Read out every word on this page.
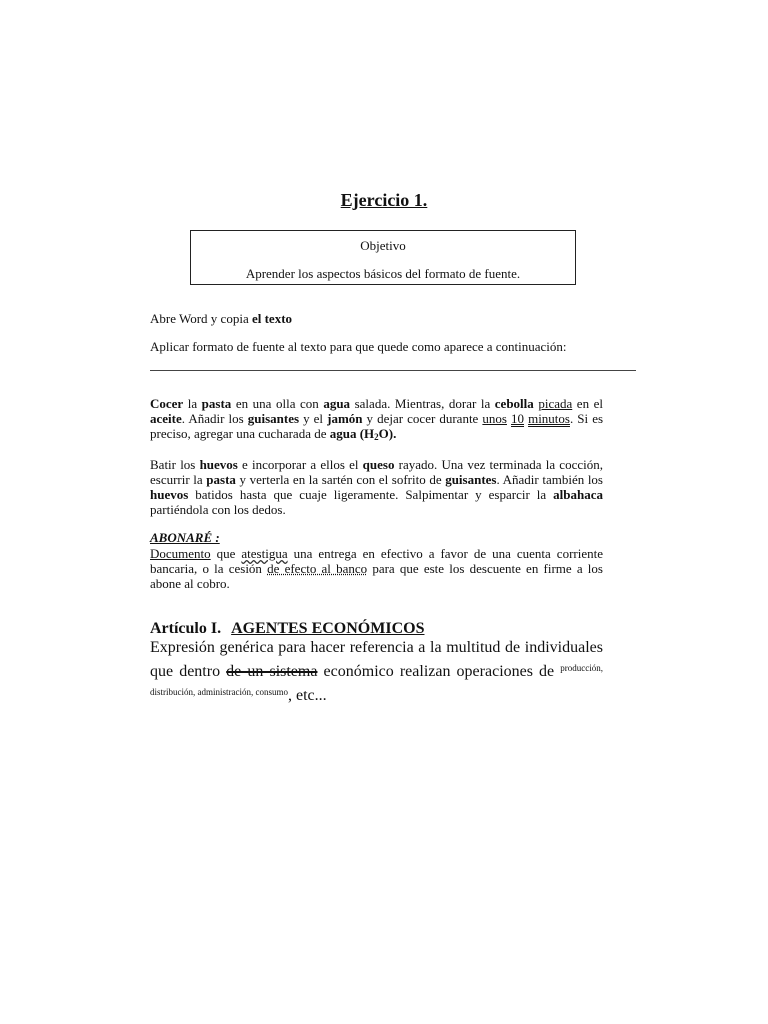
Ejercicio 1.
Objetivo
Aprender los aspectos básicos del formato de fuente.
Abre Word y copia el texto
Aplicar formato de fuente al texto para que quede como aparece a continuación:
Cocer la pasta en una olla con agua salada. Mientras, dorar la cebolla picada en el aceite. Añadir los guisantes y el jamón y dejar cocer durante unos 10 minutos. Si es preciso, agregar una cucharada de agua $(H_2O)$.
Batir los huevos e incorporar a ellos el queso rayado. Una vez terminada la cocción, escurrir la pasta y verterla en la sartén con el sofrito de guisantes. Añadir también los huevos batidos hasta que cuaje ligeramente. Salpimentar y esparcir la albahaca partiéndola con los dedos.
ABONARÉ :
Documento que atestigua una entrega en efectivo a favor de una cuenta corriente bancaria, o la cesión de efecto al banco para que este los descuente en firme a los abone al cobro.
Artículo I. AGENTES ECONÓMICOS
Expresión genérica para hacer referencia a la multitud de individuales que dentro de un sistema económico realizan operaciones de $^{producción, distribución, administración, consumo}$, etc...
